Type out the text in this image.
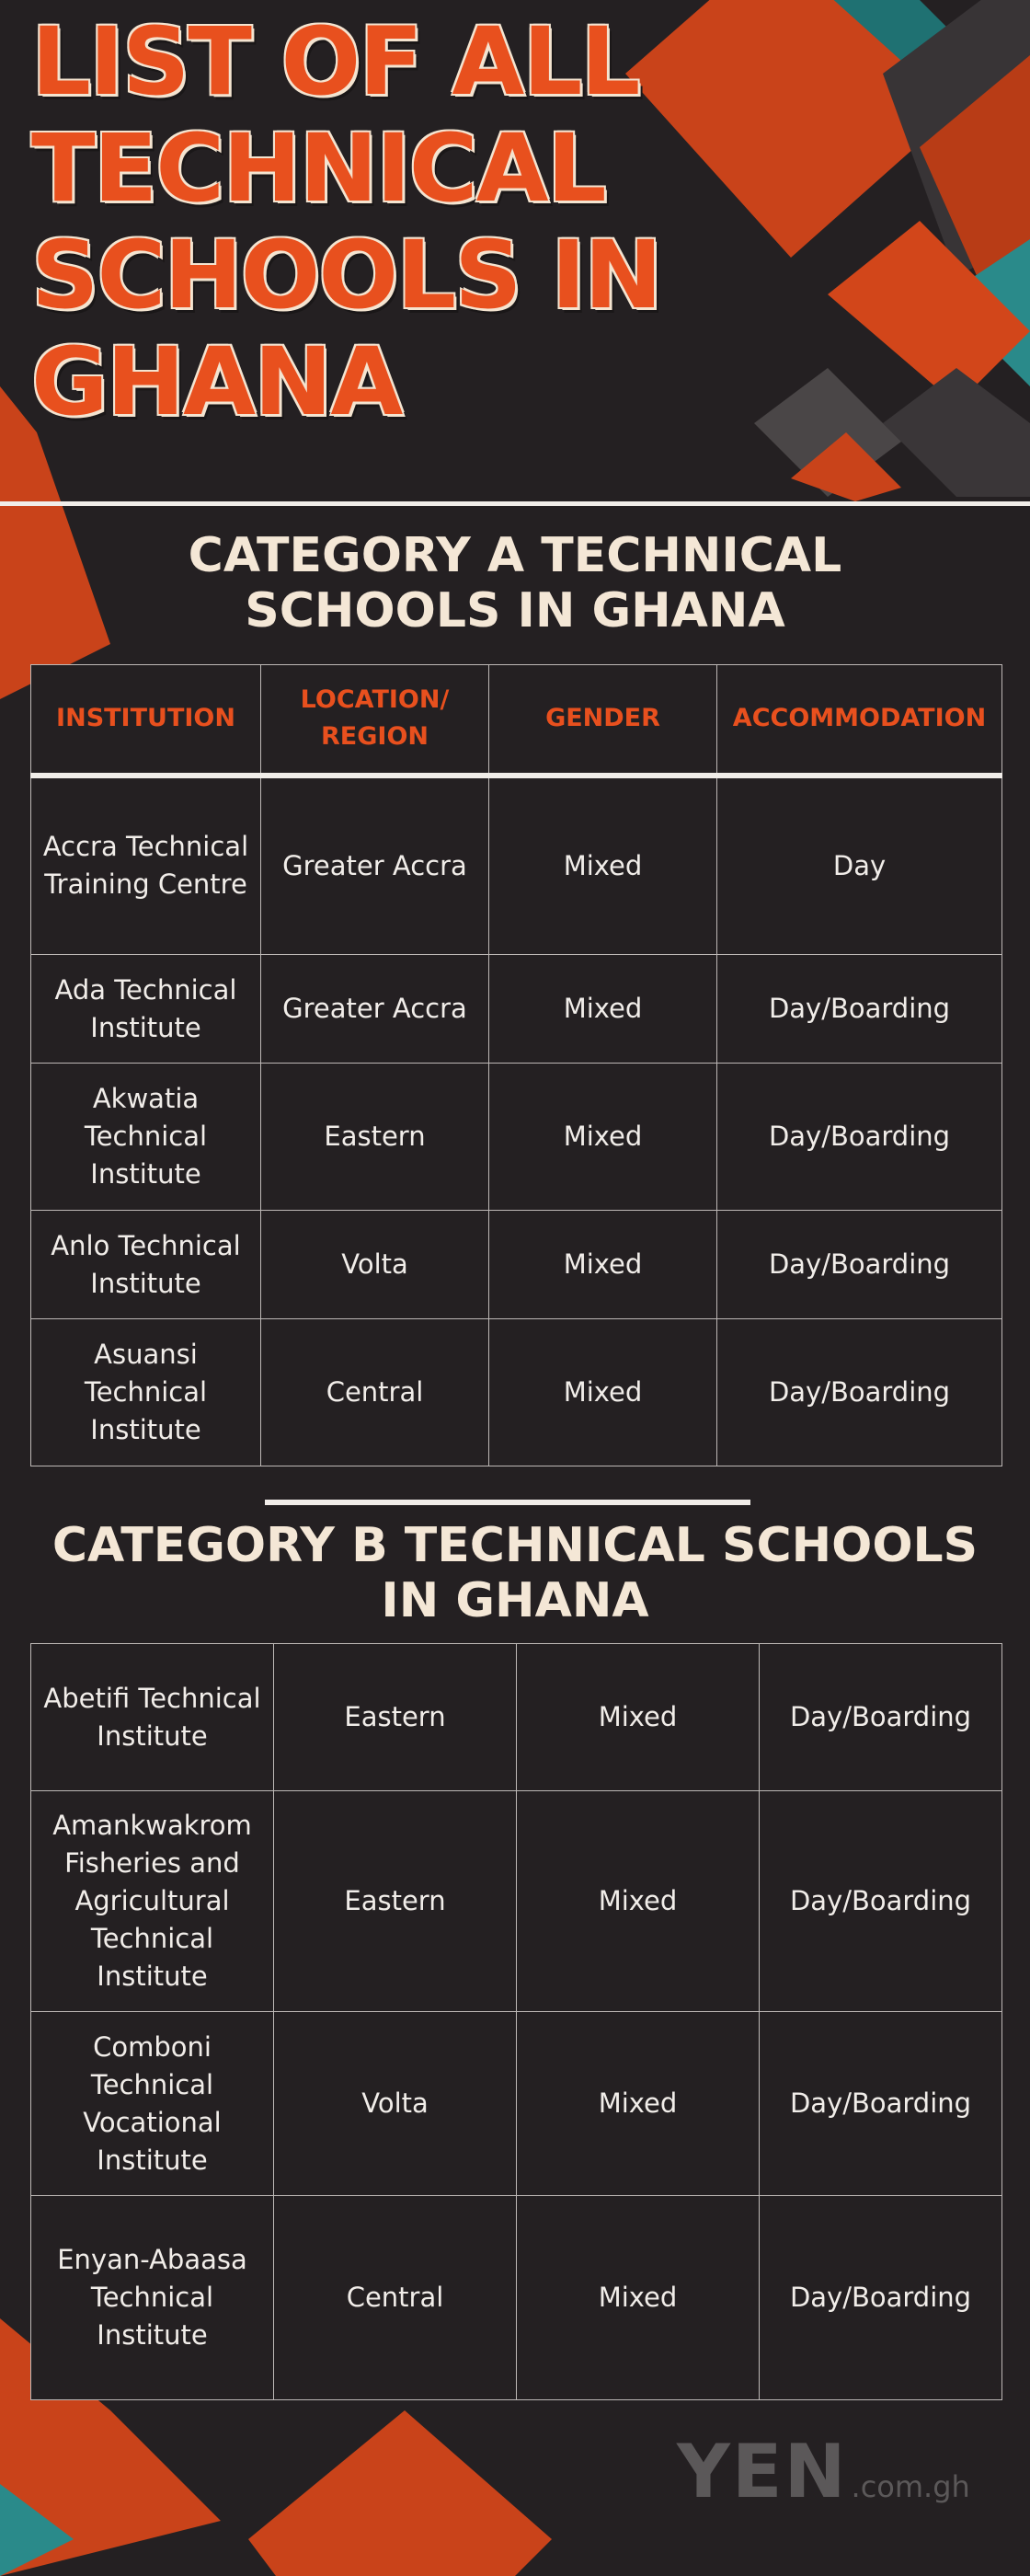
LIST OF ALL
TECHNICAL
SCHOOLS IN
GHANA
CATEGORY A TECHNICAL
SCHOOLS IN GHANA
INSTITUTION	LOCATION/ REGION	GENDER	ACCOMMODATION
Accra Technical Training Centre	Greater Accra	Mixed	Day
Ada Technical Institute	Greater Accra	Mixed	Day/Boarding
Akwatia Technical Institute	Eastern	Mixed	Day/Boarding
Anlo Technical Institute	Volta	Mixed	Day/Boarding
Asuansi Technical Institute	Central	Mixed	Day/Boarding
CATEGORY B TECHNICAL SCHOOLS
IN GHANA
Abetifi Technical Institute	Eastern	Mixed	Day/Boarding
Amankwakrom Fisheries and Agricultural Technical Institute	Eastern	Mixed	Day/Boarding
Comboni Technical Vocational Institute	Volta	Mixed	Day/Boarding
Enyan-Abaasa Technical Institute	Central	Mixed	Day/Boarding
YEN .com.gh
